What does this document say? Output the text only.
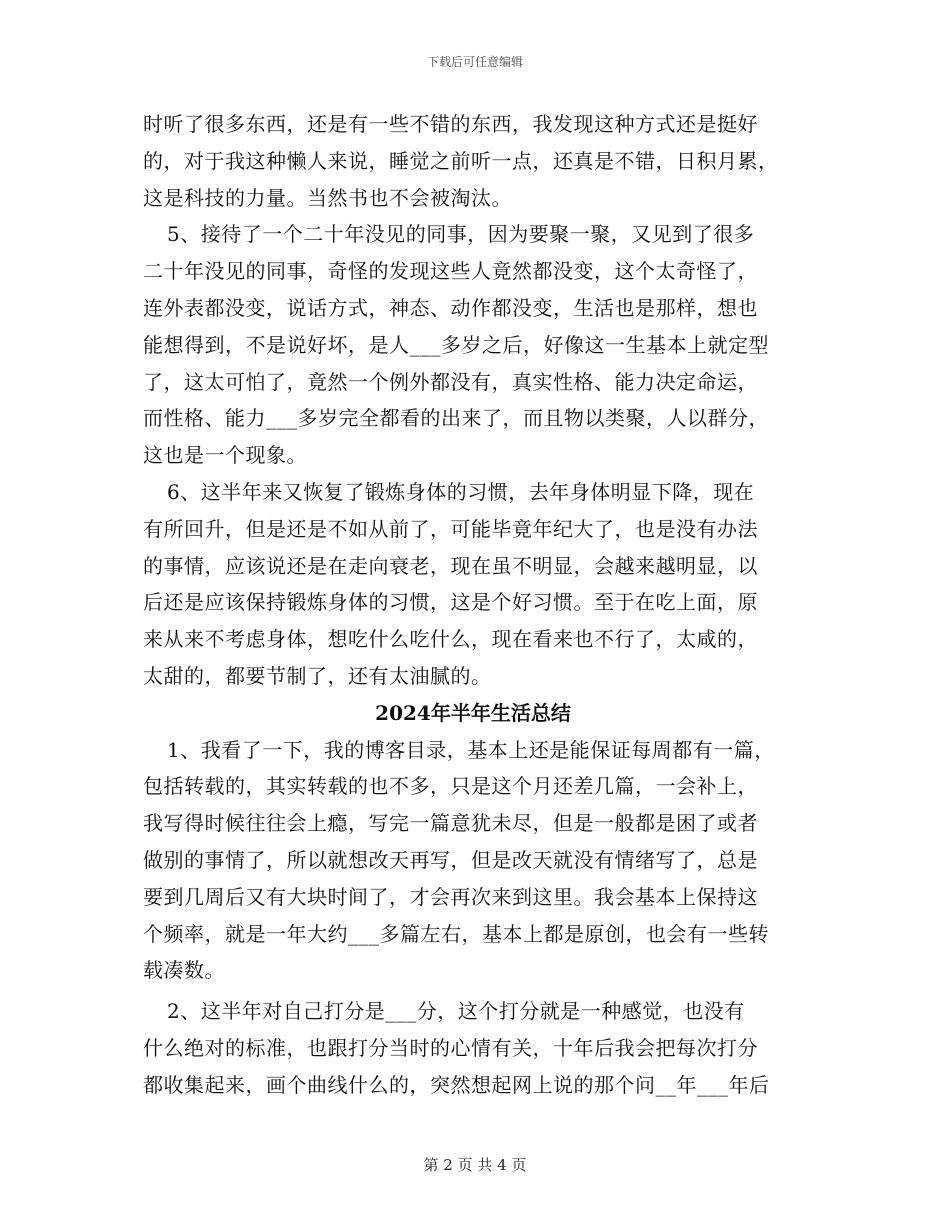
下载后可任意编辑
时听了很多东西，还是有一些不错的东西，我发现这种方式还是挺好
的，对于我这种懒人来说，睡觉之前听一点，还真是不错，日积月累，
这是科技的力量。当然书也不会被淘汰。
5、接待了一个二十年没见的同事，因为要聚一聚，又见到了很多
二十年没见的同事，奇怪的发现这些人竟然都没变，这个太奇怪了，
连外表都没变，说话方式，神态、动作都没变，生活也是那样，想也
能想得到，不是说好坏，是人___多岁之后，好像这一生基本上就定型
了，这太可怕了，竟然一个例外都没有，真实性格、能力决定命运，
而性格、能力___多岁完全都看的出来了，而且物以类聚，人以群分，
这也是一个现象。
6、这半年来又恢复了锻炼身体的习惯，去年身体明显下降，现在
有所回升，但是还是不如从前了，可能毕竟年纪大了，也是没有办法
的事情，应该说还是在走向衰老，现在虽不明显，会越来越明显，以
后还是应该保持锻炼身体的习惯，这是个好习惯。至于在吃上面，原
来从来不考虑身体，想吃什么吃什么，现在看来也不行了，太咸的，
太甜的，都要节制了，还有太油腻的。
2024年半年生活总结
1、我看了一下，我的博客目录，基本上还是能保证每周都有一篇，
包括转载的，其实转载的也不多，只是这个月还差几篇，一会补上，
我写得时候往往会上瘾，写完一篇意犹未尽，但是一般都是困了或者
做别的事情了，所以就想改天再写，但是改天就没有情绪写了，总是
要到几周后又有大块时间了，才会再次来到这里。我会基本上保持这
个频率，就是一年大约___多篇左右，基本上都是原创，也会有一些转
载凑数。
2、这半年对自己打分是___分，这个打分就是一种感觉，也没有
什么绝对的标准，也跟打分当时的心情有关，十年后我会把每次打分
都收集起来，画个曲线什么的，突然想起网上说的那个问__年___年后
第 2 页 共 4 页
